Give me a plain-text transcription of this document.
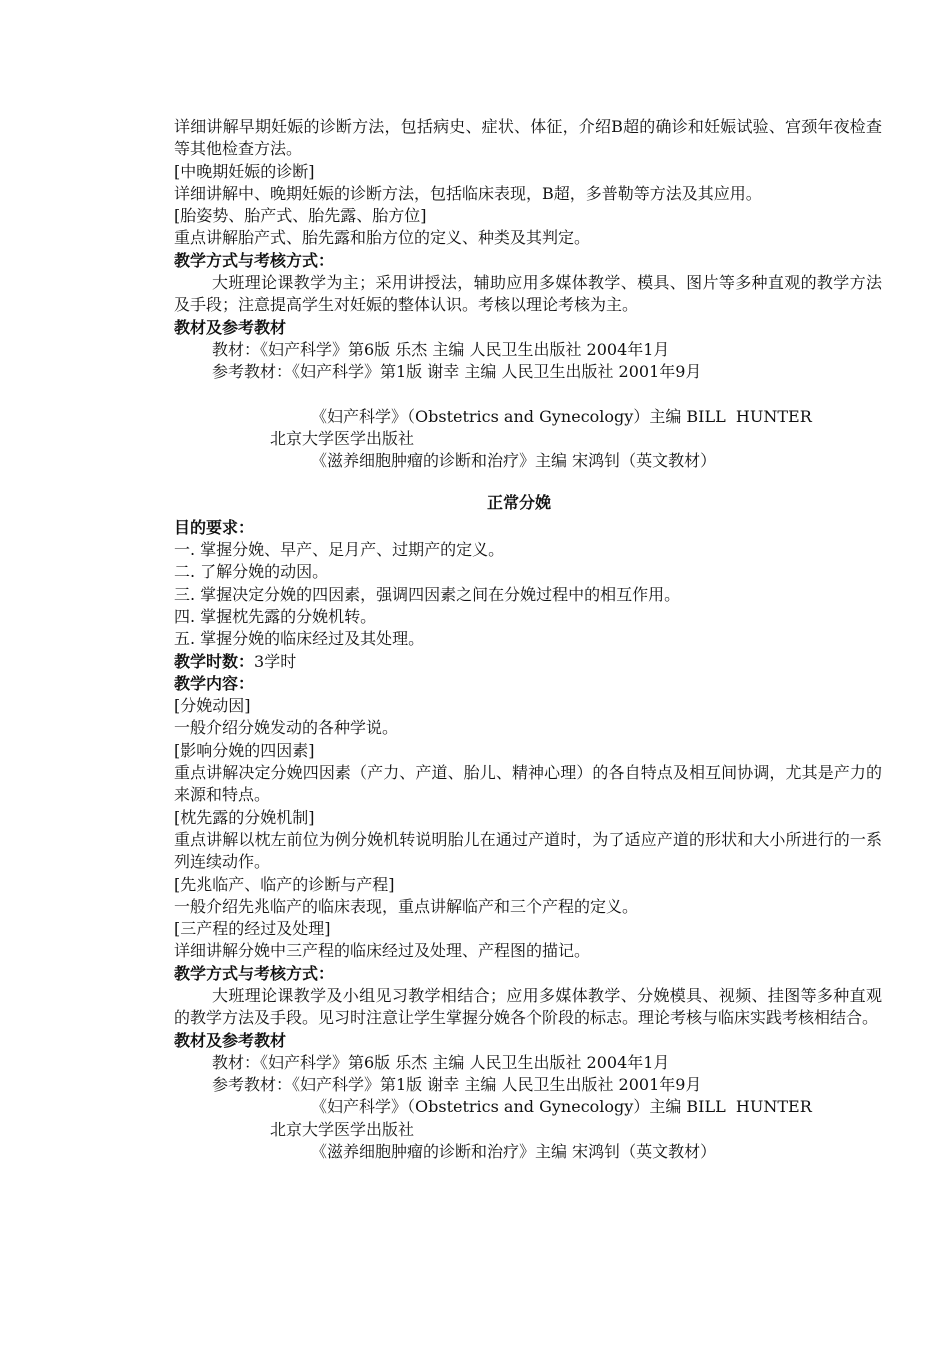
详细讲解早期妊娠的诊断方法，包括病史、症状、体征，介绍B超的确诊和妊娠试验、宫颈年夜检查等其他检查方法。
[中晚期妊娠的诊断]
详细讲解中、晚期妊娠的诊断方法，包括临床表现，B超，多普勒等方法及其应用。
[胎姿势、胎产式、胎先露、胎方位]
重点讲解胎产式、胎先露和胎方位的定义、种类及其判定。
教学方式与考核方式：
大班理论课教学为主；采用讲授法，辅助应用多媒体教学、模具、图片等多种直观的教学方法及手段；注意提高学生对妊娠的整体认识。考核以理论考核为主。
教材及参考教材
教材：《妇产科学》第6版 乐杰 主编 人民卫生出版社 2004年1月
参考教材：《妇产科学》第1版 谢幸 主编 人民卫生出版社 2001年9月
《妇产科学》（Obstetrics and Gynecology）主编 BILL  HUNTER
北京大学医学出版社
《滋养细胞肿瘤的诊断和治疗》主编 宋鸿钊（英文教材）
正常分娩
目的要求：
一. 掌握分娩、早产、足月产、过期产的定义。
二. 了解分娩的动因。
三. 掌握决定分娩的四因素，强调四因素之间在分娩过程中的相互作用。
四. 掌握枕先露的分娩机转。
五. 掌握分娩的临床经过及其处理。
教学时数：3学时
教学内容：
[分娩动因]
一般介绍分娩发动的各种学说。
[影响分娩的四因素]
重点讲解决定分娩四因素（产力、产道、胎儿、精神心理）的各自特点及相互间协调，尤其是产力的来源和特点。
[枕先露的分娩机制]
重点讲解以枕左前位为例分娩机转说明胎儿在通过产道时，为了适应产道的形状和大小所进行的一系列连续动作。
[先兆临产、临产的诊断与产程]
一般介绍先兆临产的临床表现，重点讲解临产和三个产程的定义。
[三产程的经过及处理]
详细讲解分娩中三产程的临床经过及处理、产程图的描记。
教学方式与考核方式：
大班理论课教学及小组见习教学相结合；应用多媒体教学、分娩模具、视频、挂图等多种直观的教学方法及手段。见习时注意让学生掌握分娩各个阶段的标志。理论考核与临床实践考核相结合。
教材及参考教材
教材：《妇产科学》第6版 乐杰 主编 人民卫生出版社 2004年1月
参考教材：《妇产科学》第1版 谢幸 主编 人民卫生出版社 2001年9月
《妇产科学》（Obstetrics and Gynecology）主编 BILL  HUNTER
北京大学医学出版社
《滋养细胞肿瘤的诊断和治疗》主编 宋鸿钊（英文教材）
